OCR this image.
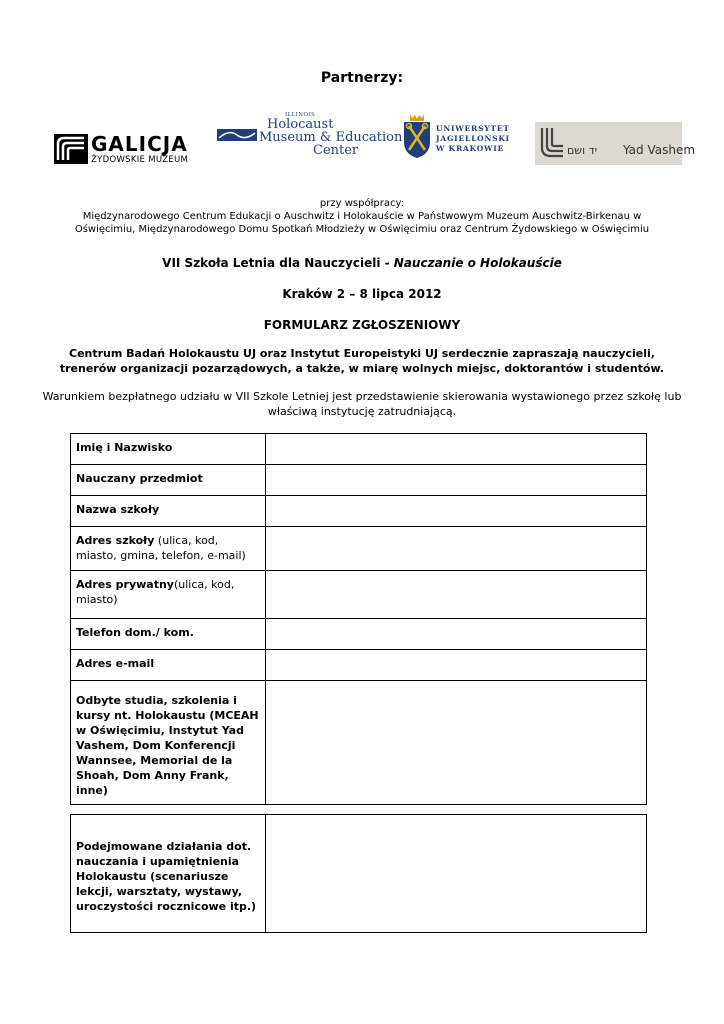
Partnerzy:
GALICJA
ŻYDOWSKIE MUZEUM
ILLINOIS
Holocaust
Museum & Education
Center
UNIWERSYTET
JAGIELLOŃSKI
W KRAKOWIE	יד ושם Yad Vashem
przy współpracy:
Międzynarodowego Centrum Edukacji o Auschwitz i Holokauście w Państwowym Muzeum Auschwitz-Birkenau w
Oświęcimiu, Międzynarodowego Domu Spotkań Młodzieży w Oświęcimiu oraz Centrum Żydowskiego w Oświęcimiu
VII Szkoła Letnia dla Nauczycieli - Nauczanie o Holokauście
Kraków 2 – 8 lipca 2012
FORMULARZ ZGŁOSZENIOWY
Centrum Badań Holokaustu UJ oraz Instytut Europeistyki UJ serdecznie zapraszają nauczycieli, trenerów organizacji pozarządowych, a także, w miarę wolnych miejsc, doktorantów i studentów.
Warunkiem bezpłatnego udziału w VII Szkole Letniej jest przedstawienie skierowania wystawionego przez szkołę lub właściwą instytucję zatrudniającą.
Imię i Nazwisko	
Nauczany przedmiot	
Nazwa szkoły	
Adres szkoły (ulica, kod, miasto, gmina, telefon, e-mail)	
Adres prywatny(ulica, kod, miasto)	
Telefon dom./ kom.	
Adres e-mail	
Odbyte studia, szkolenia i kursy nt. Holokaustu (MCEAH w Oświęcimiu, Instytut Yad Vashem, Dom Konferencji Wannsee, Memorial de la Shoah, Dom Anny Frank, inne)	
Podejmowane działania dot. nauczania i upamiętnienia Holokaustu (scenariusze lekcji, warsztaty, wystawy, uroczystości rocznicowe itp.)	
